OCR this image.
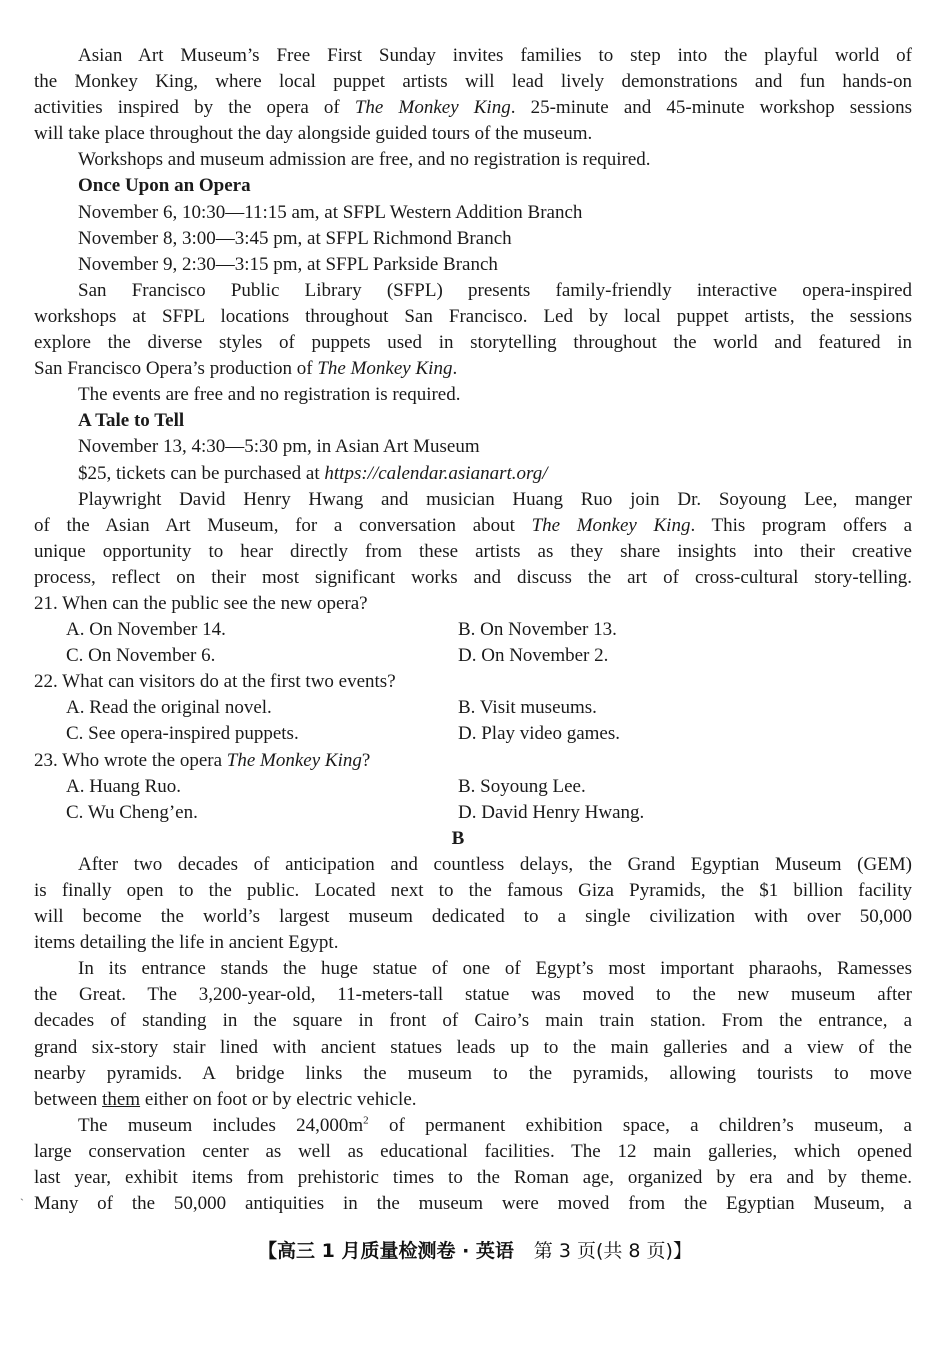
Asian Art Museum’s Free First Sunday invites families to step into the playful world of
the Monkey King, where local puppet artists will lead lively demonstrations and fun hands-on
activities inspired by the opera of The Monkey King. 25-minute and 45-minute workshop sessions
will take place throughout the day alongside guided tours of the museum.
Workshops and museum admission are free, and no registration is required.
Once Upon an Opera
November 6, 10:30—11:15 am, at SFPL Western Addition Branch
November 8, 3:00—3:45 pm, at SFPL Richmond Branch
November 9, 2:30—3:15 pm, at SFPL Parkside Branch
San Francisco Public Library (SFPL) presents family-friendly interactive opera-inspired
workshops at SFPL locations throughout San Francisco. Led by local puppet artists, the sessions
explore the diverse styles of puppets used in storytelling throughout the world and featured in
San Francisco Opera’s production of The Monkey King.
The events are free and no registration is required.
A Tale to Tell
November 13, 4:30—5:30 pm, in Asian Art Museum
$25, tickets can be purchased at https://calendar.asianart.org/
Playwright David Henry Hwang and musician Huang Ruo join Dr. Soyoung Lee, manger
of the Asian Art Museum, for a conversation about The Monkey King. This program offers a
unique opportunity to hear directly from these artists as they share insights into their creative
process, reflect on their most significant works and discuss the art of cross-cultural story-telling.
21. When can the public see the new opera?
A. On November 14.	B. On November 13.
C. On November 6.	D. On November 2.
22. What can visitors do at the first two events?
A. Read the original novel.	B. Visit museums.
C. See opera-inspired puppets.	D. Play video games.
23. Who wrote the opera The Monkey King?
A. Huang Ruo.	B. Soyoung Lee.
C. Wu Cheng’en.	D. David Henry Hwang.
B
After two decades of anticipation and countless delays, the Grand Egyptian Museum (GEM)
is finally open to the public. Located next to the famous Giza Pyramids, the $1 billion facility
will become the world’s largest museum dedicated to a single civilization with over 50,000
items detailing the life in ancient Egypt.
In its entrance stands the huge statue of one of Egypt’s most important pharaohs, Ramesses
the Great. The 3,200-year-old, 11-meters-tall statue was moved to the new museum after
decades of standing in the square in front of Cairo’s main train station. From the entrance, a
grand six-story stair lined with ancient statues leads up to the main galleries and a view of the
nearby pyramids. A bridge links the museum to the pyramids, allowing tourists to move
between them either on foot or by electric vehicle.
The museum includes $24,000m^2$ of permanent exhibition space, a children’s museum, a
large conservation center as well as educational facilities. The 12 main galleries, which opened
last year, exhibit items from prehistoric times to the Roman age, organized by era and by theme.
Many of the 50,000 antiquities in the museum were moved from the Egyptian Museum, a
ˋ
【高三 1 月质量检测卷 · 英语 第 3 页(共 8 页)】
